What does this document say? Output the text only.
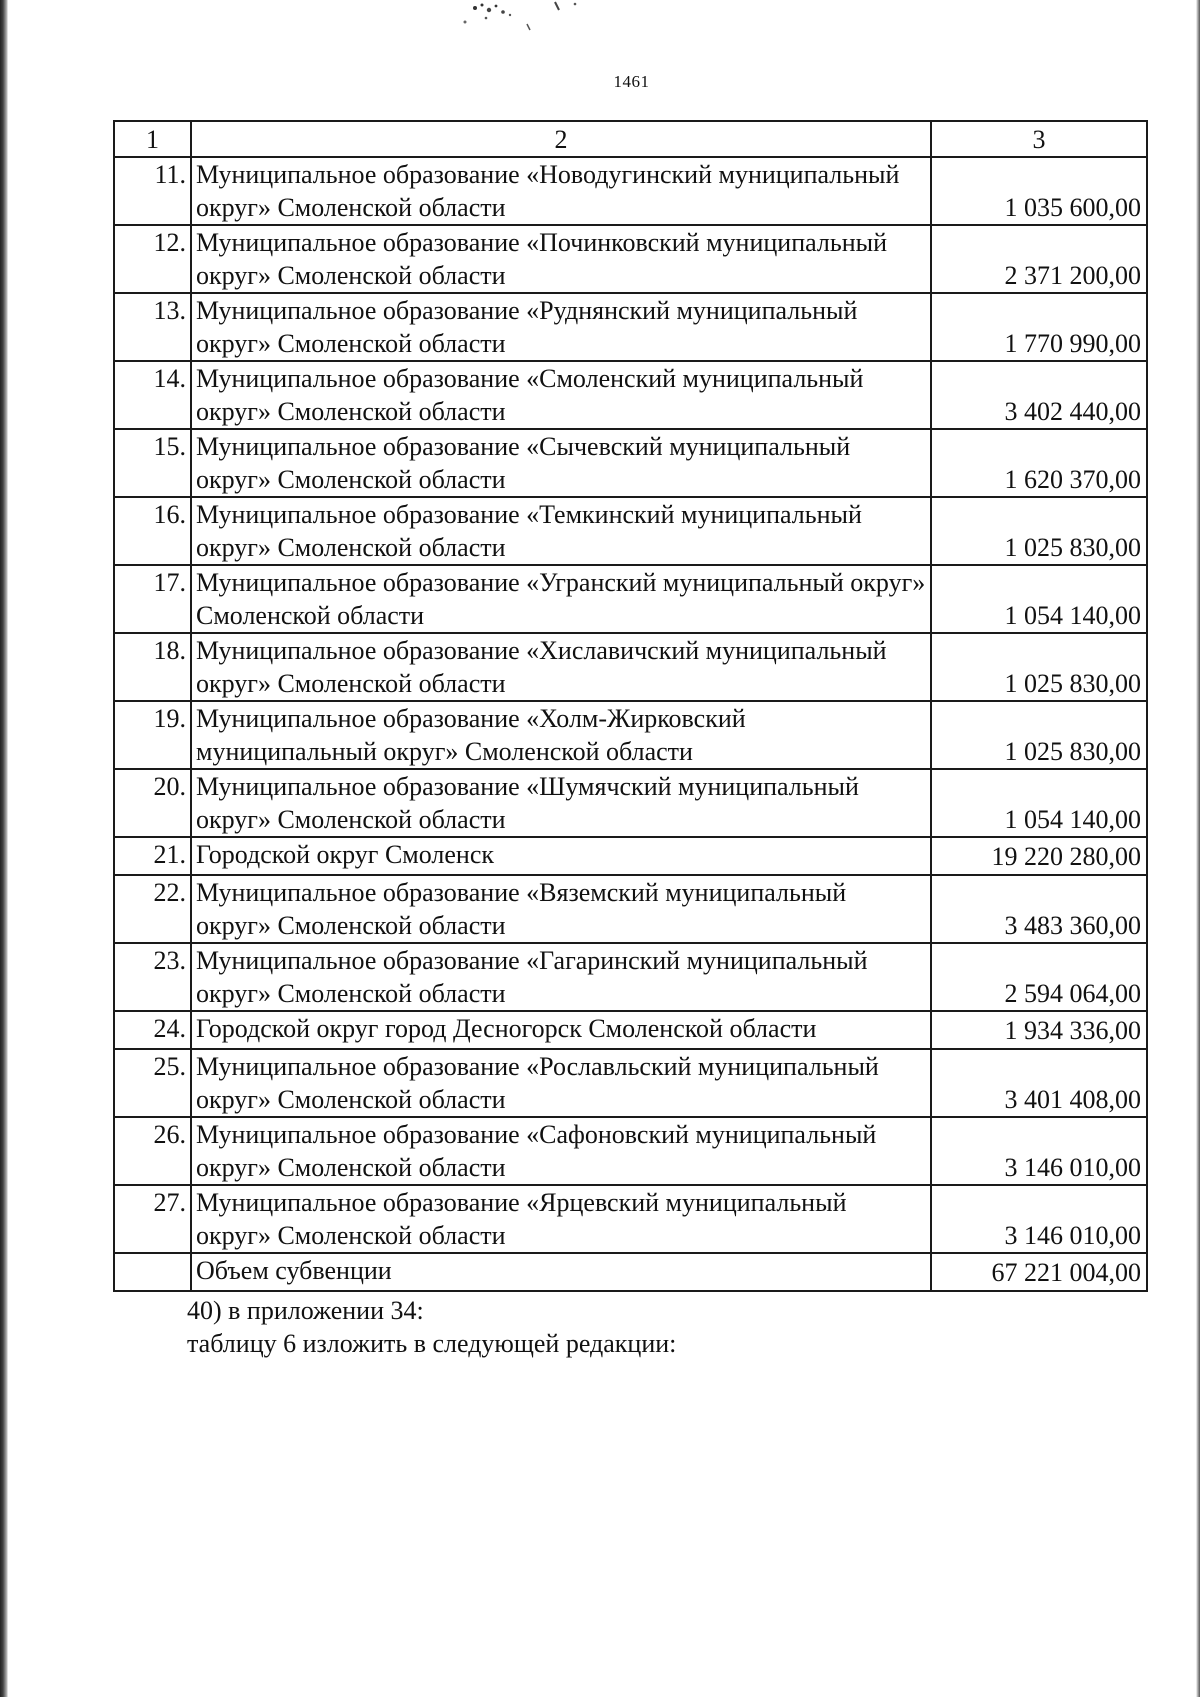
1461
1	2	3
11.	Муниципальное образование «Новодугинский муниципальный округ» Смоленской области	1 035 600,00
12.	Муниципальное образование «Починковский муниципальный округ» Смоленской области	2 371 200,00
13.	Муниципальное образование «Руднянский муниципальный округ» Смоленской области	1 770 990,00
14.	Муниципальное образование «Смоленский муниципальный округ» Смоленской области	3 402 440,00
15.	Муниципальное образование «Сычевский муниципальный округ» Смоленской области	1 620 370,00
16.	Муниципальное образование «Темкинский муниципальный округ» Смоленской области	1 025 830,00
17.	Муниципальное образование «Угранский муниципальный округ» Смоленской области	1 054 140,00
18.	Муниципальное образование «Хиславичский муниципальный округ» Смоленской области	1 025 830,00
19.	Муниципальное образование «Холм-Жирковский муниципальный округ» Смоленской области	1 025 830,00
20.	Муниципальное образование «Шумячский муниципальный округ» Смоленской области	1 054 140,00
21.	Городской округ Смоленск	19 220 280,00
22.	Муниципальное образование «Вяземский муниципальный округ» Смоленской области	3 483 360,00
23.	Муниципальное образование «Гагаринский муниципальный округ» Смоленской области	2 594 064,00
24.	Городской округ город Десногорск Смоленской области	1 934 336,00
25.	Муниципальное образование «Рославльский муниципальный округ» Смоленской области	3 401 408,00
26.	Муниципальное образование «Сафоновский муниципальный округ» Смоленской области	3 146 010,00
27.	Муниципальное образование «Ярцевский муниципальный округ» Смоленской области	3 146 010,00
	Объем субвенции	67 221 004,00
40) в приложении 34:
таблицу 6 изложить в следующей редакции:
